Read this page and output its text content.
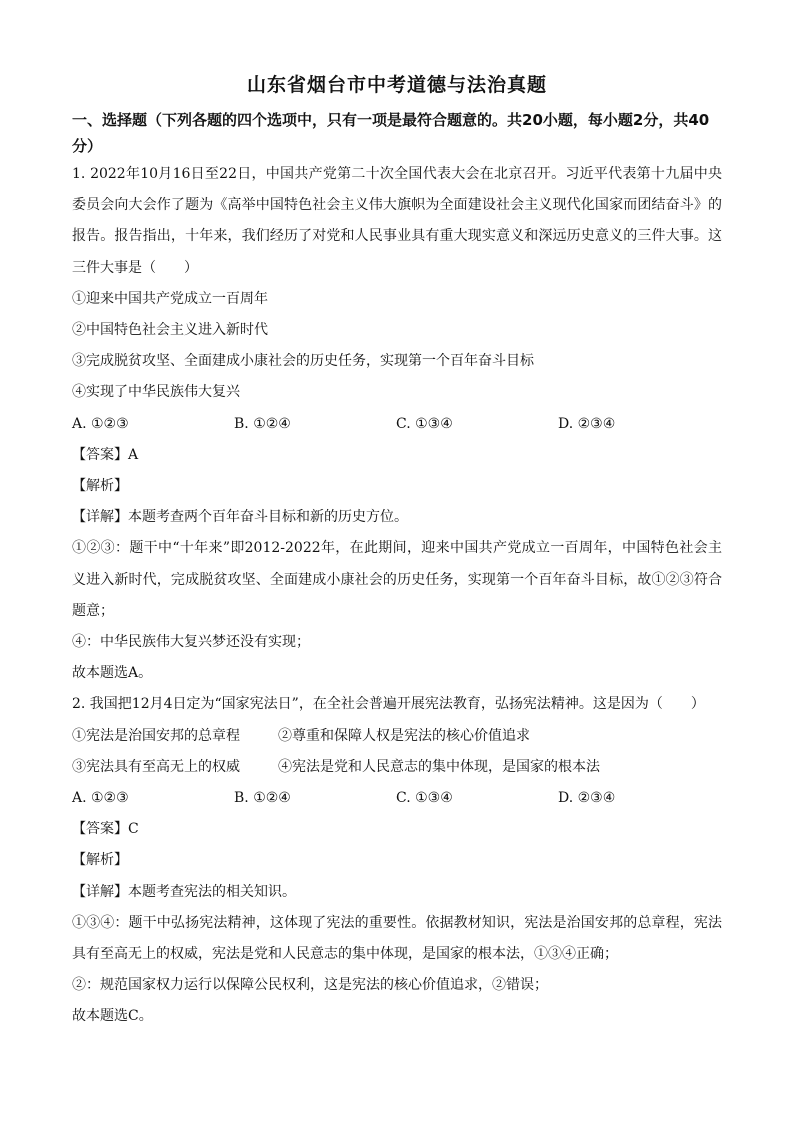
山东省烟台市中考道德与法治真题

一、选择题（下列各题的四个选项中，只有一项是最符合题意的。共20小题，每小题2分，共40分）

1. 2022年10月16日至22日，中国共产党第二十次全国代表大会在北京召开。习近平代表第十九届中央委员会向大会作了题为《高举中国特色社会主义伟大旗帜为全面建设社会主义现代化国家而团结奋斗》的报告。报告指出，十年来，我们经历了对党和人民事业具有重大现实意义和深远历史意义的三件大事。这三件大事是（　　）

①迎来中国共产党成立一百周年

②中国特色社会主义进入新时代

③完成脱贫攻坚、全面建成小康社会的历史任务，实现第一个百年奋斗目标

④实现了中华民族伟大复兴

A. ①②③	B. ①②④	C. ①③④	D. ②③④

【答案】A

【解析】

【详解】本题考查两个百年奋斗目标和新的历史方位。

①②③：题干中“十年来”即2012-2022年，在此期间，迎来中国共产党成立一百周年，中国特色社会主义进入新时代，完成脱贫攻坚、全面建成小康社会的历史任务，实现第一个百年奋斗目标，故①②③符合题意；

④：中华民族伟大复兴梦还没有实现；

故本题选A。

2. 我国把12月4日定为“国家宪法日”，在全社会普遍开展宪法教育，弘扬宪法精神。这是因为（　　）

①宪法是治国安邦的总章程	②尊重和保障人权是宪法的核心价值追求
③宪法具有至高无上的权威	④宪法是党和人民意志的集中体现，是国家的根本法
A. ①②③	B. ①②④	C. ①③④	D. ②③④

【答案】C

【解析】

【详解】本题考查宪法的相关知识。

①③④：题干中弘扬宪法精神，这体现了宪法的重要性。依据教材知识，宪法是治国安邦的总章程，宪法具有至高无上的权威，宪法是党和人民意志的集中体现，是国家的根本法，①③④正确；

②：规范国家权力运行以保障公民权利，这是宪法的核心价值追求，②错误；

故本题选C。
